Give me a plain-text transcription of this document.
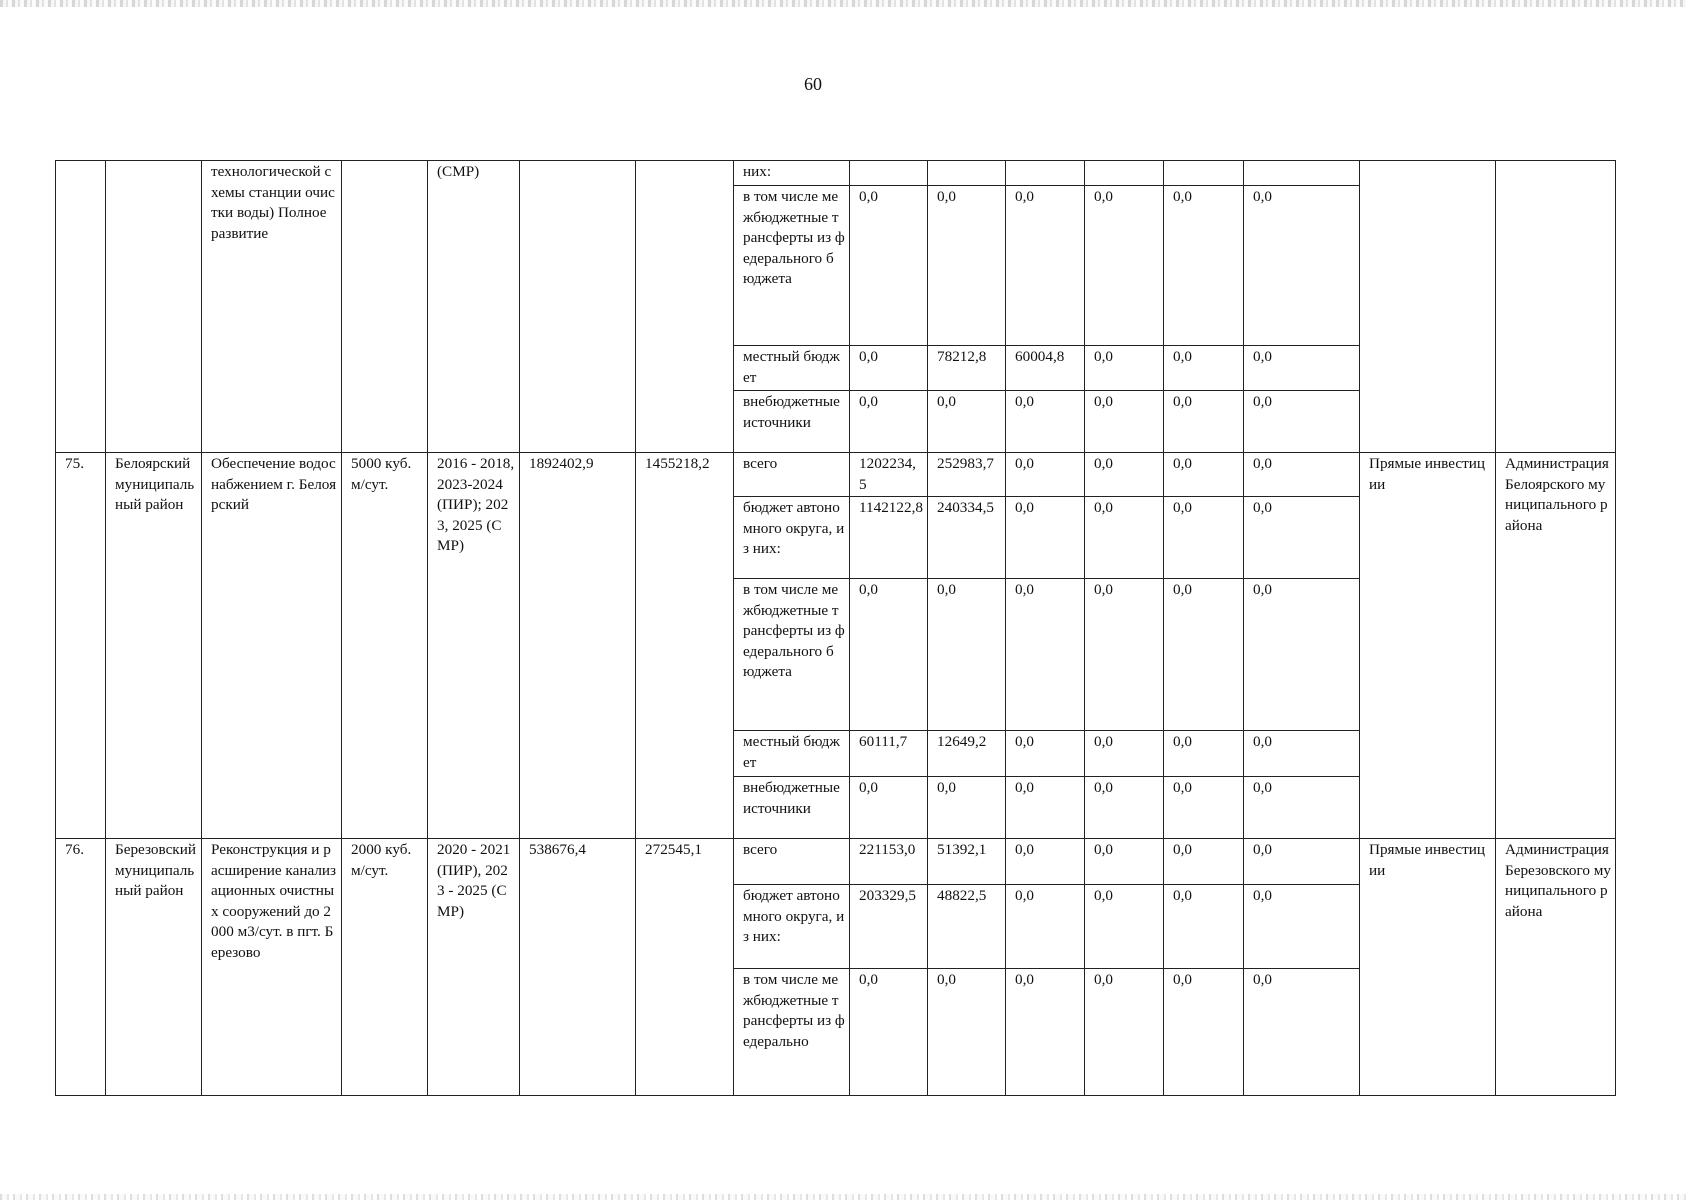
60
		технологической схемы станции очистки воды) Полное развитие		(СМР)			них:								
							в том числе межбюджетные трансферты из федерального бюджета	0,0	0,0	0,0	0,0	0,0	0,0		
							местный бюджет	0,0	78212,8	60004,8	0,0	0,0	0,0		
							внебюджетные источники	0,0	0,0	0,0	0,0	0,0	0,0		
75.	Белоярский муниципальный район	Обеспечение водоснабжением г. Белоярский	5000 куб. м/сут.	2016 - 2018, 2023-2024 (ПИР); 2023, 2025 (СМР)	1892402,9	1455218,2	всего	1202234,5	252983,7	0,0	0,0	0,0	0,0	Прямые инвестиции	Администрация Белоярского муниципального района
							бюджет автономного округа, из них:	1142122,8	240334,5	0,0	0,0	0,0	0,0		
							в том числе межбюджетные трансферты из федерального бюджета	0,0	0,0	0,0	0,0	0,0	0,0		
							местный бюджет	60111,7	12649,2	0,0	0,0	0,0	0,0		
							внебюджетные источники	0,0	0,0	0,0	0,0	0,0	0,0		
76.	Березовский муниципальный район	Реконструкция и расширение канализационных очистных сооружений до 2000 м3/сут. в пгт. Березово	2000 куб. м/сут.	2020 - 2021 (ПИР), 2023 - 2025 (СМР)	538676,4	272545,1	всего	221153,0	51392,1	0,0	0,0	0,0	0,0	Прямые инвестиции	Администрация Березовского муниципального района
							бюджет автономного округа, из них:	203329,5	48822,5	0,0	0,0	0,0	0,0		
							в том числе межбюджетные трансферты из федерально	0,0	0,0	0,0	0,0	0,0	0,0		
